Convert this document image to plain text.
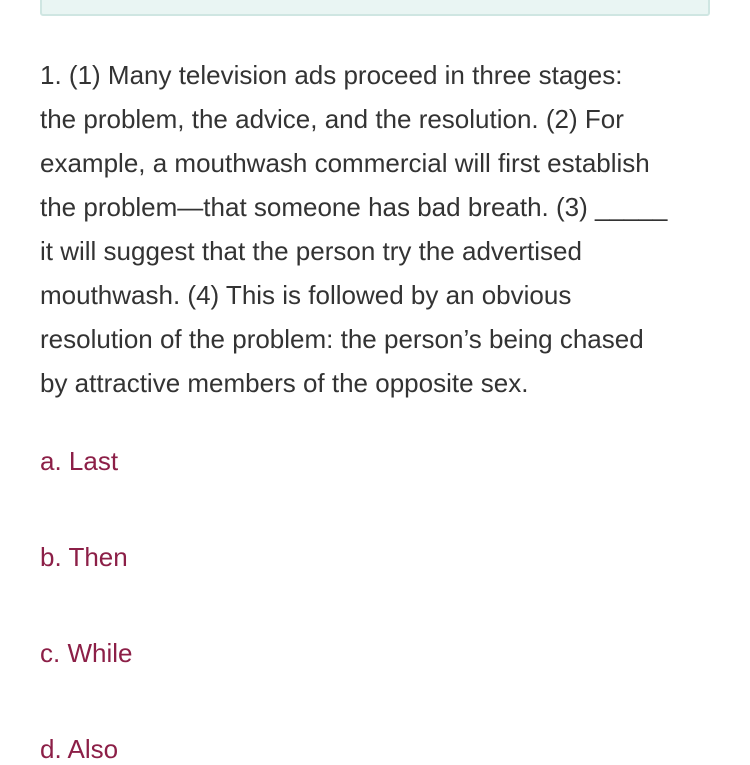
1. (1) Many television ads proceed in three stages:
the problem, the advice, and the resolution. (2) For
example, a mouthwash commercial will first establish
the problem—that someone has bad breath. (3) _____
it will suggest that the person try the advertised
mouthwash. (4) This is followed by an obvious
resolution of the problem: the person’s being chased
by attractive members of the opposite sex.

a. Last

b. Then

c. While

d. Also
